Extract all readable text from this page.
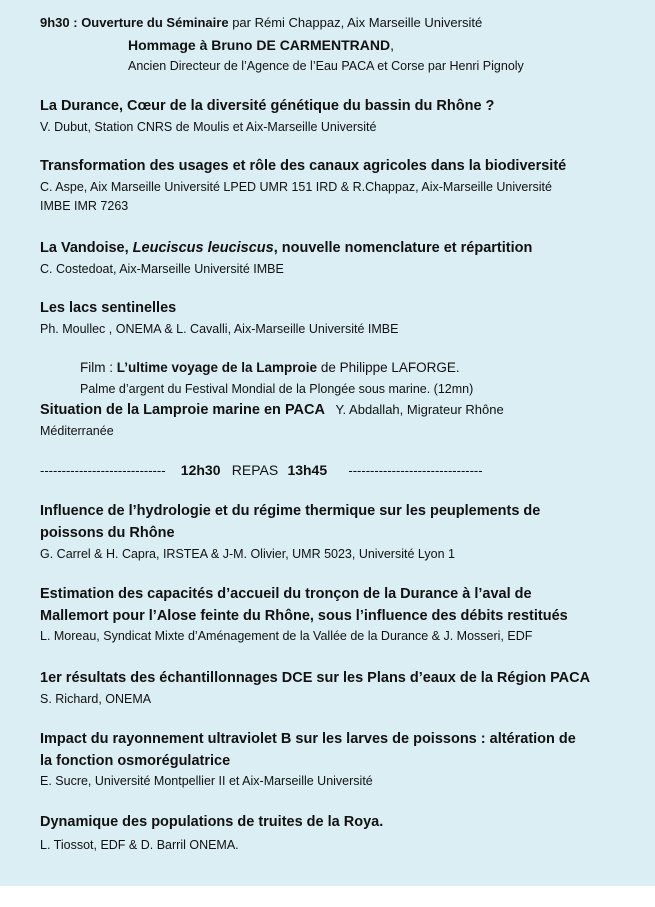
9h30 : Ouverture du Séminaire par Rémi Chappaz, Aix Marseille Université
Hommage à Bruno DE CARMENTRAND,
Ancien Directeur de l’Agence de l’Eau PACA et Corse par Henri Pignoly
La Durance, Cœur de la diversité génétique du bassin du Rhône ?
V. Dubut, Station CNRS de Moulis et Aix-Marseille Université
Transformation des usages et rôle des canaux agricoles dans la biodiversité
C. Aspe, Aix Marseille Université LPED UMR 151 IRD & R.Chappaz, Aix-Marseille Université
IMBE IMR 7263
La Vandoise, Leuciscus leuciscus, nouvelle nomenclature et répartition
C. Costedoat, Aix-Marseille Université IMBE
Les lacs sentinelles
Ph. Moullec , ONEMA & L. Cavalli, Aix-Marseille Université IMBE
Film : L’ultime voyage de la Lamproie de Philippe LAFORGE.
Palme d’argent du Festival Mondial de la Plongée sous marine. (12mn)
Situation de la Lamproie marine en PACA   Y. Abdallah, Migrateur Rhône
Méditerranée
----------------------------- 12h30 REPAS 13h45 -------------------------------
Influence de l’hydrologie et du régime thermique sur les peuplements de
poissons du Rhône
G. Carrel & H. Capra, IRSTEA & J-M. Olivier, UMR 5023, Université Lyon 1
Estimation des capacités d’accueil du tronçon de la Durance à l’aval de
Mallemort pour l’Alose feinte du Rhône, sous l’influence des débits restitués
L. Moreau, Syndicat Mixte d’Aménagement de la Vallée de la Durance & J. Mosseri, EDF
1er résultats des échantillonnages DCE sur les Plans d’eaux de la Région PACA
S. Richard, ONEMA
Impact du rayonnement ultraviolet B sur les larves de poissons : altération de
la fonction osmorégulatrice
E. Sucre, Université Montpellier II et Aix-Marseille Université
Dynamique des populations de truites de la Roya.
L. Tiossot, EDF & D. Barril ONEMA.
